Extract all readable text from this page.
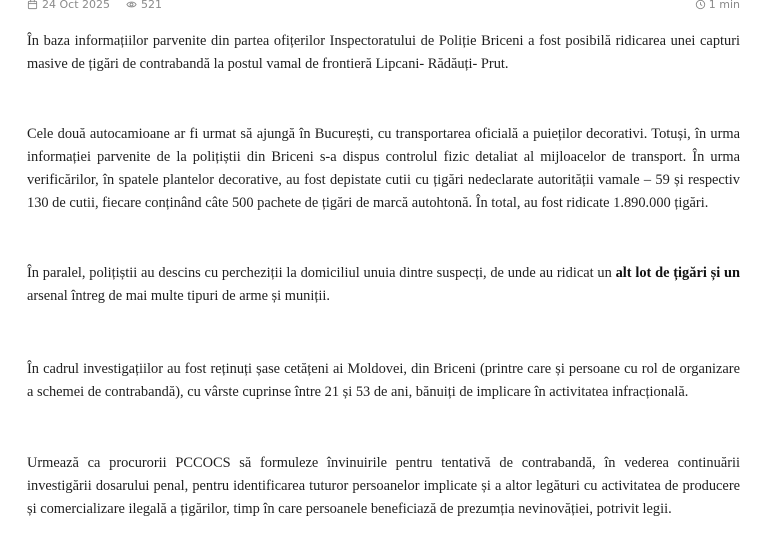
24 Oct 2025	521	1 min

În baza informațiilor parvenite din partea ofițerilor Inspectoratului de Poliție Briceni a fost posibilă ridicarea unei capturi masive de țigări de contrabandă la postul vamal de frontieră Lipcani- Rădăuți- Prut.

Cele două autocamioane ar fi urmat să ajungă în București, cu transportarea oficială a puieților decorativi. Totuși, în urma informației parvenite de la polițiștii din Briceni s-a dispus controlul fizic detaliat al mijloacelor de transport. În urma verificărilor, în spatele plantelor decorative, au fost depistate cutii cu țigări nedeclarate autorității vamale – 59 și respectiv 130 de cutii, fiecare conținând câte 500 pachete de țigări de marcă autohtonă. În total, au fost ridicate 1.890.000 țigări.

În paralel, polițiștii au descins cu percheziții la domiciliul unuia dintre suspecți, de unde au ridicat un alt lot de țigări și un arsenal întreg de mai multe tipuri de arme și muniții.

În cadrul investigațiilor au fost reținuți șase cetățeni ai Moldovei, din Briceni (printre care și persoane cu rol de organizare a schemei de contrabandă), cu vârste cuprinse între 21 și 53 de ani, bănuiți de implicare în activitatea infracțională.

Urmează ca procurorii PCCOCS să formuleze învinuirile pentru tentativă de contrabandă, în vederea continuării investigării dosarului penal, pentru identificarea tuturor persoanelor implicate și a altor legături cu activitatea de producere și comercializare ilegală a țigărilor, timp în care persoanele beneficiază de prezumția nevinovăției, potrivit legii.
